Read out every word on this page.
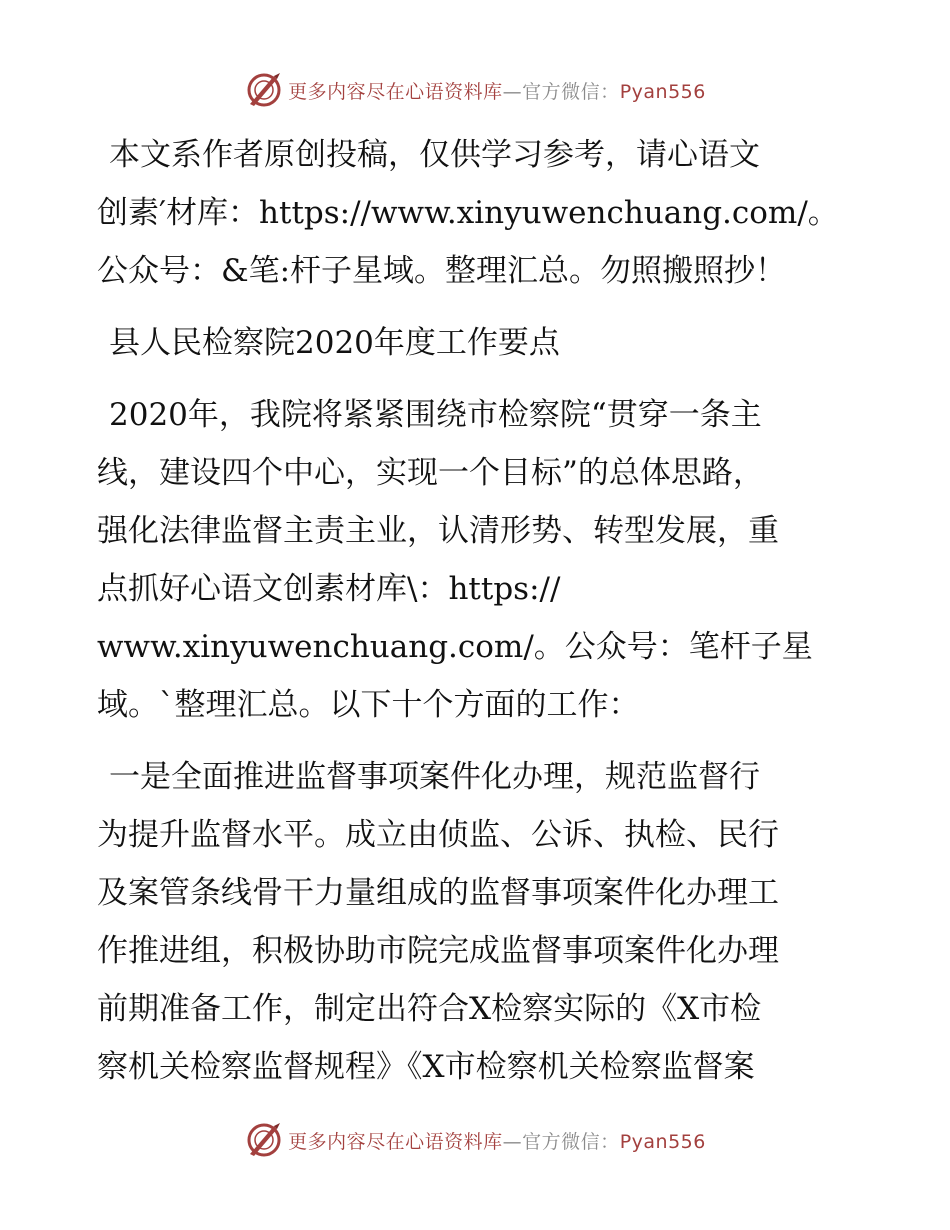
更多内容尽在心语资料库—官方微信：Pyan556

本文系作者原创投稿，仅供学习参考，请心语文
创素′材库：https://www.xinyuwenchuang.com/。
公众号：&笔:杆子星域。整理汇总。勿照搬照抄！

县人民检察院2020年度工作要点

2020年，我院将紧紧围绕市检察院“贯穿一条主
线，建设四个中心，实现一个目标”的总体思路，
强化法律监督主责主业，认清形势、转型发展，重
点抓好心语文创素材库\：https://
www.xinyuwenchuang.com/。公众号：笔杆子星
域。`整理汇总。以下十个方面的工作：

一是全面推进监督事项案件化办理，规范监督行
为提升监督水平。成立由侦监、公诉、执检、民行
及案管条线骨干力量组成的监督事项案件化办理工
作推进组，积极协助市院完成监督事项案件化办理
前期准备工作，制定出符合X检察实际的《X市检
察机关检察监督规程》《X市检察机关检察监督案

更多内容尽在心语资料库—官方微信：Pyan556
